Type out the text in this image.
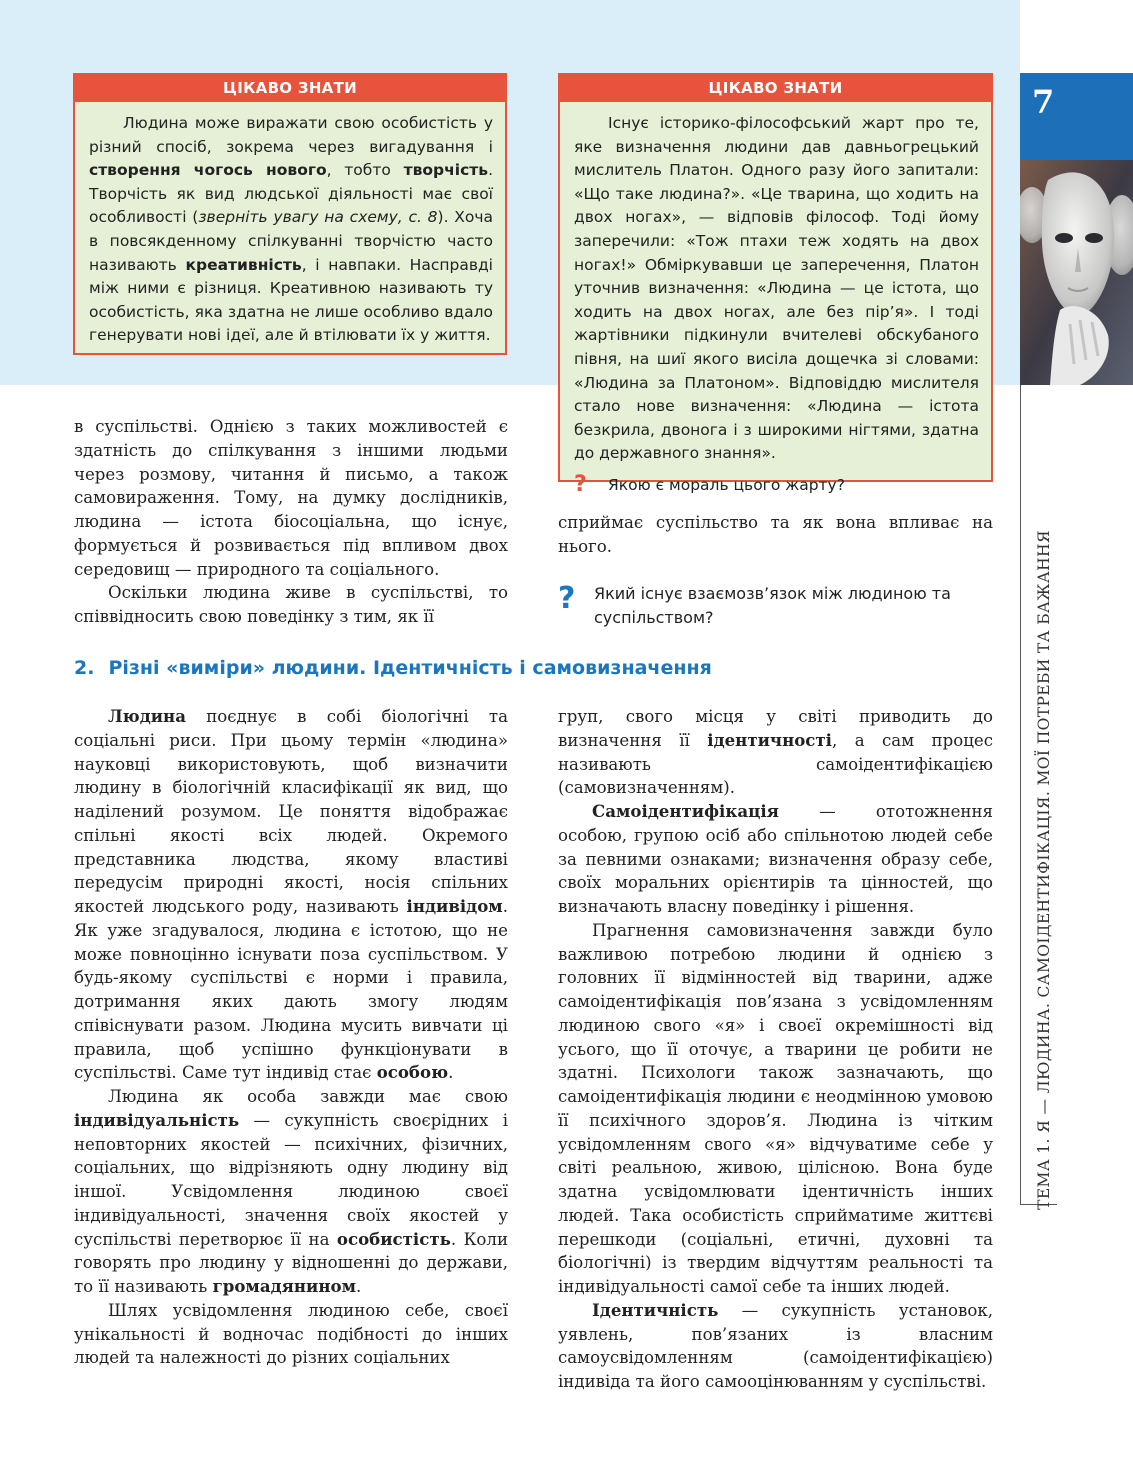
ЦІКАВО ЗНАТИ

Людина може виражати свою особистість у різний спосіб, зокрема через вигадування і створення чогось нового, тобто творчість. Творчість як вид людської діяльності має свої особливості (зверніть увагу на схему, с. 8). Хоча в повсякденному спілкуванні творчістю часто називають креативність, і навпаки. Насправді між ними є різниця. Креативною називають ту особистість, яка здатна не лише особливо вдало генерувати нові ідеї, але й втілювати їх у життя.

ЦІКАВО ЗНАТИ

Існує історико-філософський жарт про те, яке визначення людини дав давньогрецький мислитель Платон. Одного разу його запитали: «Що таке людина?». «Це тварина, що ходить на двох ногах», — відповів філософ. Тоді йому заперечили: «Тож птахи теж ходять на двох ногах!» Обміркувавши це заперечення, Платон уточнив визначення: «Людина — це істота, що ходить на двох ногах, але без пір’я». І тоді жартівники підкинули вчителеві обскубаного півня, на шиї якого висіла дощечка зі словами: «Людина за Платоном». Відповіддю мислителя стало нове визначення: «Людина — істота безкрила, двонога і з широкими нігтями, здатна до державного знання».

?	Якою є мораль цього жарту?

в суспільстві. Однією з таких можливостей є здатність до спілкування з іншими людьми через розмову, читання й письмо, а також самовираження. Тому, на думку дослідників, людина — істота біосоціальна, що існує, формується й розвивається під впливом двох середовищ — природного та соціального.

Оскільки людина живе в суспільстві, то співвідносить свою поведінку з тим, як її

сприймає суспільство та як вона впливає на нього.

?	Який існує взаємозв’язок між людиною та суспільством?
2. Різні «виміри» людини. Ідентичність і самовизначення

Людина поєднує в собі біологічні та соціальні риси. При цьому термін «людина» науковці використовують, щоб визначити людину в біологічній класифікації як вид, що наділений розумом. Це поняття відображає спільні якості всіх людей. Окремого представника людства, якому властиві передусім природні якості, носія спільних якостей людського роду, називають індивідом. Як уже згадувалося, людина є істотою, що не може повноцінно існувати поза суспільством. У будь-якому суспільстві є норми і правила, дотримання яких дають змогу людям співіснувати разом. Людина мусить вивчати ці правила, щоб успішно функціонувати в суспільстві. Саме тут індивід стає особою.

Людина як особа завжди має свою індивідуальність — сукупність своєрідних і неповторних якостей — психічних, фізичних, соціальних, що відрізняють одну людину від іншої. Усвідомлення людиною своєї індивідуальності, значення своїх якостей у суспільстві перетворює її на особистість. Коли говорять про людину у відношенні до держави, то її називають громадянином.

Шлях усвідомлення людиною себе, своєї унікальності й водночас подібності до інших людей та належності до різних соціальних

груп, свого місця у світі приводить до визначення її ідентичності, а сам процес називають самоідентифікацією (самовизначенням).

Самоідентифікація — ототожнення особою, групою осіб або спільнотою людей себе за певними ознаками; визначення образу себе, своїх моральних орієнтирів та цінностей, що визначають власну поведінку і рішення.

Прагнення самовизначення завжди було важливою потребою людини й однією з головних її відмінностей від тварини, адже самоідентифікація пов’язана з усвідомленням людиною свого «я» і своєї окремішності від усього, що її оточує, а тварини це робити не здатні. Психологи також зазначають, що самоідентифікація людини є неодмінною умовою її психічного здоров’я. Людина із чітким усвідомленням свого «я» відчуватиме себе у світі реальною, живою, цілісною. Вона буде здатна усвідомлювати ідентичність інших людей. Така особистість сприйматиме життєві перешкоди (соціальні, етичні, духовні та біологічні) із твердим відчуттям реальності та індивідуальності самої себе та інших людей.

Ідентичність — сукупність установок, уявлень, пов’язаних із власним самоусвідомленням (самоідентифікацією) індивіда та його самооцінюванням у суспільстві.

7
ТЕМА 1. Я — ЛЮДИНА. САМОІДЕНТИФІКАЦІЯ. МОЇ ПОТРЕБИ ТА БАЖАННЯ
